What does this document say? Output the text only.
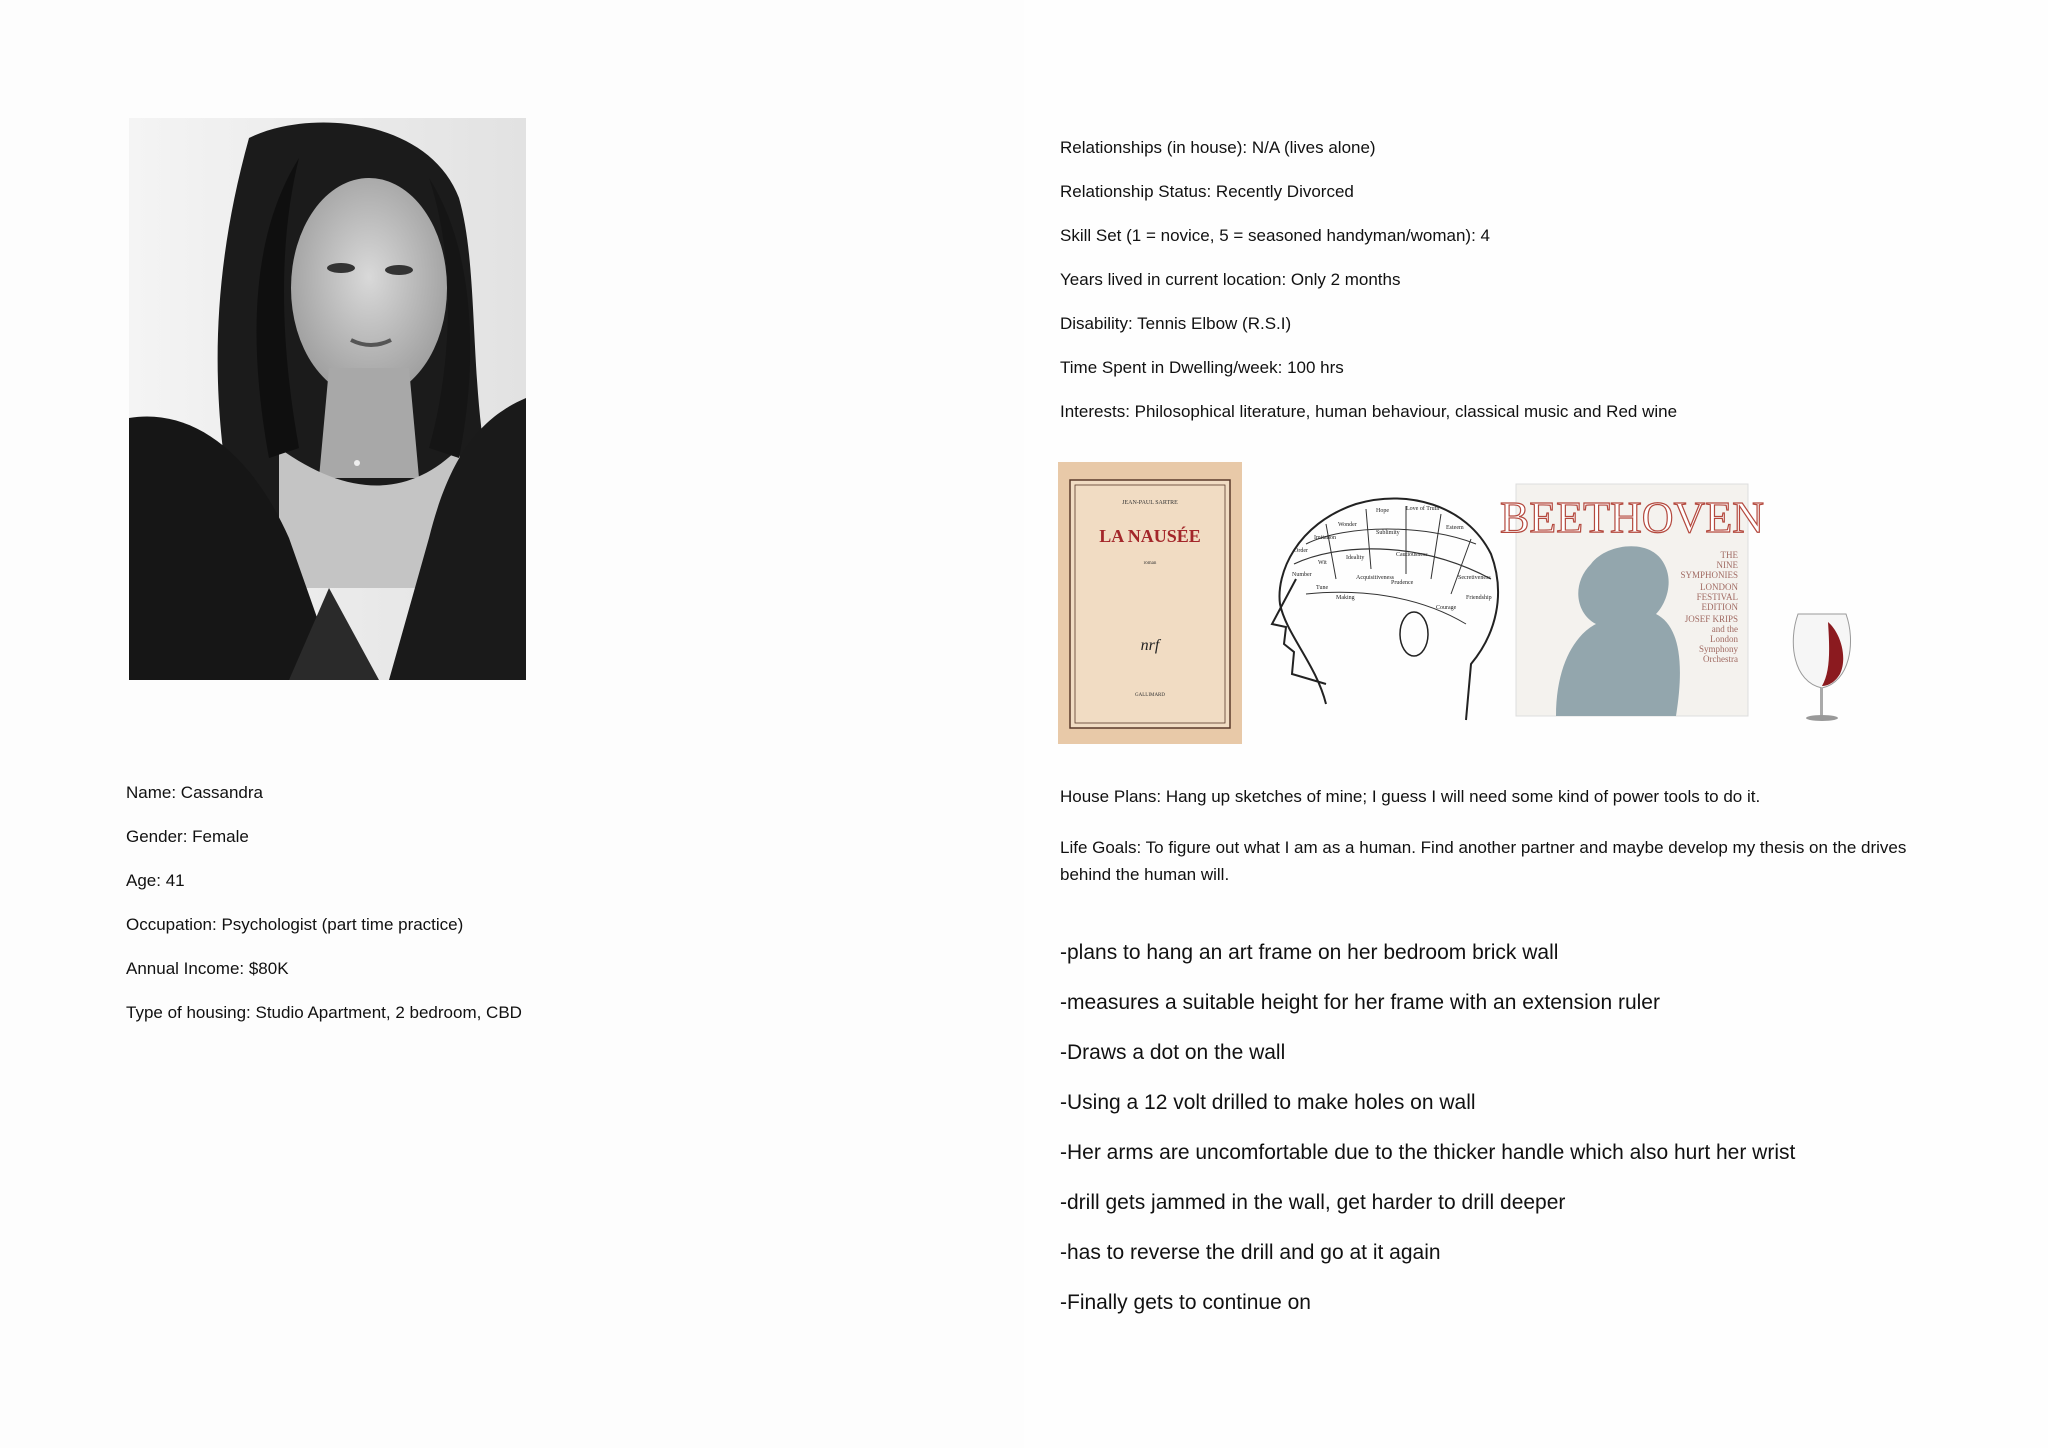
Name: Cassandra
Gender: Female
Age: 41
Occupation: Psychologist (part time practice)
Annual Income: $80K
Type of housing: Studio Apartment, 2 bedroom, CBD
Relationships (in house): N/A (lives alone)
Relationship Status: Recently Divorced
Skill Set (1 = novice, 5 = seasoned handyman/woman): 4
Years lived in current location: Only 2 months
Disability: Tennis Elbow (R.S.I)
Time Spent in Dwelling/week: 100 hrs
Interests: Philosophical literature, human behaviour, classical music and Red wine
JEAN-PAUL SARTRE
LA NAUSÉE
roman
nrf
GALLIMARD
Hope	Love of Truth
Wonder
Imitation
Sublimity
Ideality
Wit
Cautiousness
Acquisitiveness
Tune
Making
Prudence
Courage
Secretiveness
Friendship
Esteem
Order
Number
BEETHOVEN
THE
NINE
SYMPHONIES
LONDON
FESTIVAL
EDITION
JOSEF KRIPS
and the
London
Symphony
Orchestra
House Plans: Hang up sketches of mine; I guess I will need some kind of power tools to do it.
Life Goals: To figure out what I am as a human. Find another partner and maybe develop my thesis on the drives behind the human will.
-plans to hang an art frame on her bedroom brick wall
-measures a suitable height for her frame with an extension ruler
-Draws a dot on the wall
-Using a 12 volt drilled to make holes on wall
-Her arms are uncomfortable due to the thicker handle which also hurt her wrist
-drill gets jammed in the wall, get harder to drill deeper
-has to reverse the drill and go at it again
-Finally gets to continue on
